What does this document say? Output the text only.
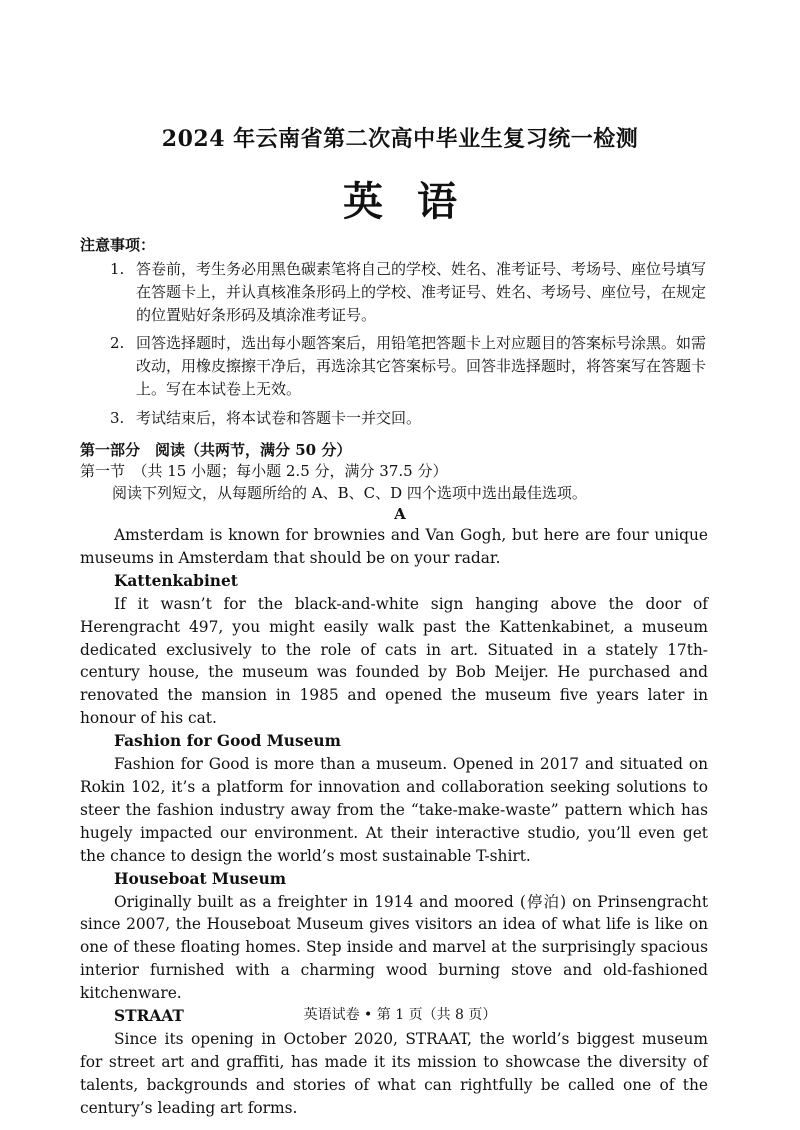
2024 年云南省第二次高中毕业生复习统一检测
英语
注意事项：
1. 答卷前，考生务必用黑色碳素笔将自己的学校、姓名、准考证号、考场号、座位号填写在答题卡上，并认真核准条形码上的学校、准考证号、姓名、考场号、座位号，在规定的位置贴好条形码及填涂准考证号。
2. 回答选择题时，选出每小题答案后，用铅笔把答题卡上对应题目的答案标号涂黑。如需改动，用橡皮擦擦干净后，再选涂其它答案标号。回答非选择题时，将答案写在答题卡上。写在本试卷上无效。
3. 考试结束后，将本试卷和答题卡一并交回。
第一部分　阅读（共两节，满分 50 分）
第一节　（共 15 小题；每小题 2.5 分，满分 37.5 分）
阅读下列短文，从每题所给的 A、B、C、D 四个选项中选出最佳选项。
A

Amsterdam is known for brownies and Van Gogh, but here are four unique museums in Amsterdam that should be on your radar.

Kattenkabinet

If it wasn’t for the black-and-white sign hanging above the door of Herengracht 497, you might easily walk past the Kattenkabinet, a museum dedicated exclusively to the role of cats in art. Situated in a stately 17th-century house, the museum was founded by Bob Meijer. He purchased and renovated the mansion in 1985 and opened the museum five years later in honour of his cat.

Fashion for Good Museum

Fashion for Good is more than a museum. Opened in 2017 and situated on Rokin 102, it’s a platform for innovation and collaboration seeking solutions to steer the fashion industry away from the “take-make-waste” pattern which has hugely impacted our environment. At their interactive studio, you’ll even get the chance to design the world’s most sustainable T-shirt.

Houseboat Museum

Originally built as a freighter in 1914 and moored (停泊) on Prinsengracht since 2007, the Houseboat Museum gives visitors an idea of what life is like on one of these floating homes. Step inside and marvel at the surprisingly spacious interior furnished with a charming wood burning stove and old-fashioned kitchenware.

STRAAT

Since its opening in October 2020, STRAAT, the world’s biggest museum for street art and graffiti, has made it its mission to showcase the diversity of talents, backgrounds and stories of what can rightfully be called one of the century’s leading art forms.

英语试卷 • 第 1 页（共 8 页）
